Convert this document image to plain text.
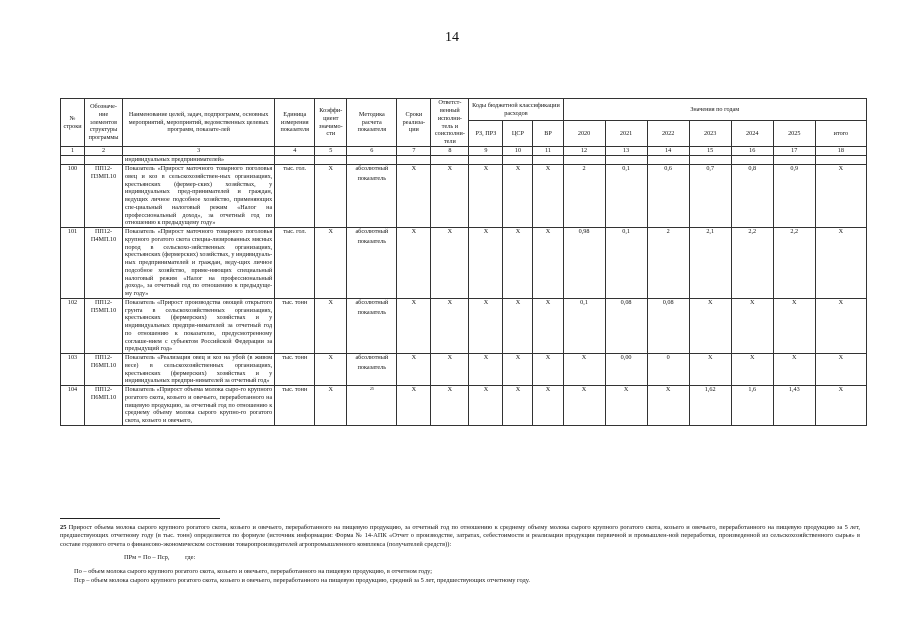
14
№ строки	Обозначе-ние элементов структуры программы	Наименование целей, задач, подпрограмм, основных мероприятий, мероприятий, ведомственных целевых программ, показате-лей	Единица измерения показателя	Коэффи-циент значимо-сти	Методика расчета показателя	Сроки реализа-ции	Ответст-венный исполни-тель и соисполни-тели	Коды бюджетной классификации расходов			Значения по годам						
								РЗ, ПРЗ	ЦСР	ВР	2020	2021	2022	2023	2024	2025	итого
1	2	3	4	5	6	7	8	9	10	11	12	13	14	15	16	17	18
		индивидуальных предпринимателей»															
100	ПП12-П3МП.10	Показатель «Прирост маточного товарного поголовья овец и коз в сельскохозяйствен-ных организациях, крестьянских (фермер-ских) хозяйствах, у индивидуальных пред-принимателей и граждан, ведущих личное подсобное хозяйство, применяющих спе-циальный налоговый режим «Налог на профессиональный доход», за отчетный год по отношению к предыдущему году»	тыс. гол.	X	абсолютный показатель	X	X	X	X	X	2	0,1	0,6	0,7	0,8	0,9	X
101	ПП12-П4МП.10	Показатель «Прирост маточного товарного поголовья крупного рогатого скота специа-лизированных мясных пород в сельскохо-зяйственных организациях, крестьянских (фермерских) хозяйствах, у индивидуаль-ных предпринимателей и граждан, веду-щих личное подсобное хозяйство, приме-няющих специальный налоговый режим «Налог на профессиональный доход», за отчетный год по отношению к предыдуще-му году»	тыс. гол.	X	абсолютный показатель	X	X	X	X	X	0,98	0,1	2	2,1	2,2	2,2	X
102	ПП12-П5МП.10	Показатель «Прирост производства овощей открытого грунта в сельскохозяйственных организациях, крестьянских (фермерских) хозяйствах и у индивидуальных предпри-нимателей за отчетный год по отношению к показателю, предусмотренному соглаше-нием с субъектом Российской Федерации за предыдущий год»	тыс. тонн	X	абсолютный показатель	X	X	X	X	X	0,1	0,08	0,08	X	X	X	X
103	ПП12-П6МП.10	Показатель «Реализация овец и коз на убой (в живом весе) в сельскохозяйственных организациях, крестьянских (фермерских) хозяйствах и у индивидуальных предпри-нимателей за отчетный год»	тыс. тонн	X	абсолютный показатель	X	X	X	X	X	X	0,00	0	X	X	X	X
104	ПП12-П6МП.10	Показатель «Прирост объема молока сыро-го крупного рогатого скота, козьего и овечьего, переработанного на пищевую продукцию, за отчетный год по отношению к среднему объему молока сырого крупно-го рогатого скота, козьего и овечьего,	тыс. тонн	X	$^{25}$	X	X	X	X	X	X	X	X	1,62	1,6	1,43	X
25 Прирост объема молока сырого крупного рогатого скота, козьего и овечьего, переработанного на пищевую продукцию, за отчетный год по отношению к среднему объему молока сырого крупного рогатого скота, козьего и овечьего, переработанного на пищевую продукцию за 5 лет, предшествующих отчетному году (в тыс. тонн) определяется по формуле (источник информации: Форма № 14-АПК «Отчет о производстве, затратах, себестоимости и реализации продукции первичной и промышлен-ной переработки, произведенной из сельскохозяйственного сырья» в составе годового отчета о финансово-экономическом состоянии товаропроизводителей агропромышленного комплекса (получателей средств)):
ПРм = Пo – Пср, где:
По – объем молока сырого крупного рогатого скота, козьего и овечьего, переработанного на пищевую продукцию, в отчетном году;
Пср – объем молока сырого крупного рогатого скота, козьего и овечьего, переработанного на пищевую продукцию, средний за 5 лет, предшествующих отчетному году.
